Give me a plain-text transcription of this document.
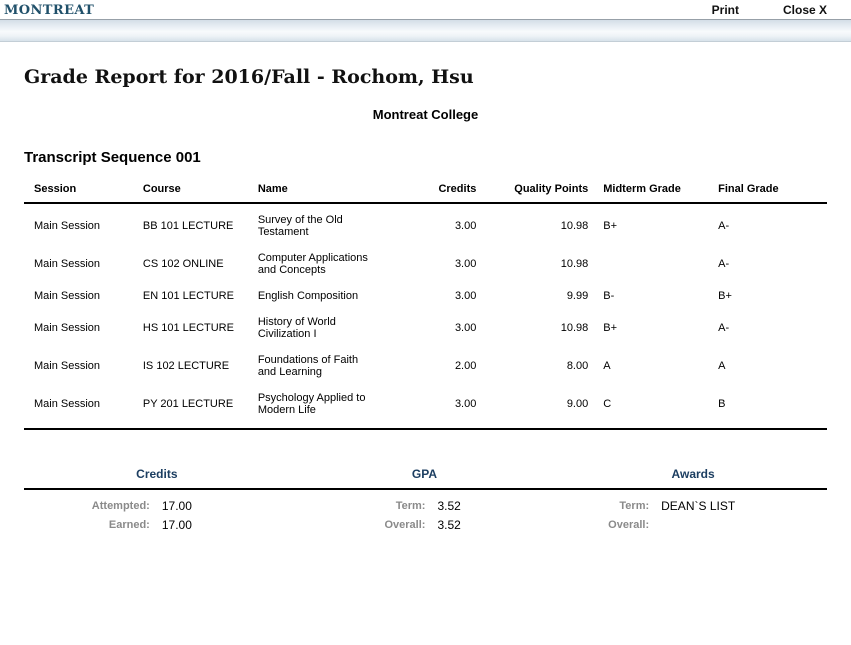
MONTREAT	Print	Close X
Grade Report for 2016/Fall - Rochom, Hsu
Montreat College
Transcript Sequence 001
Session	Course	Name	Credits	Quality Points	Midterm Grade	Final Grade
Main Session	BB 101 LECTURE	Survey of the Old Testament	3.00	10.98	B+	A-
Main Session	CS 102 ONLINE	Computer Applications and Concepts	3.00	10.98		A-
Main Session	EN 101 LECTURE	English Composition	3.00	9.99	B-	B+
Main Session	HS 101 LECTURE	History of World Civilization I	3.00	10.98	B+	A-
Main Session	IS 102 LECTURE	Foundations of Faith and Learning	2.00	8.00	A	A
Main Session	PY 201 LECTURE	Psychology Applied to Modern Life	3.00	9.00	C	B
Credits		GPA		Awards	
Attempted:	17.00	Term:	3.52	Term:	DEAN`S LIST
Earned:	17.00	Overall:	3.52	Overall:	
